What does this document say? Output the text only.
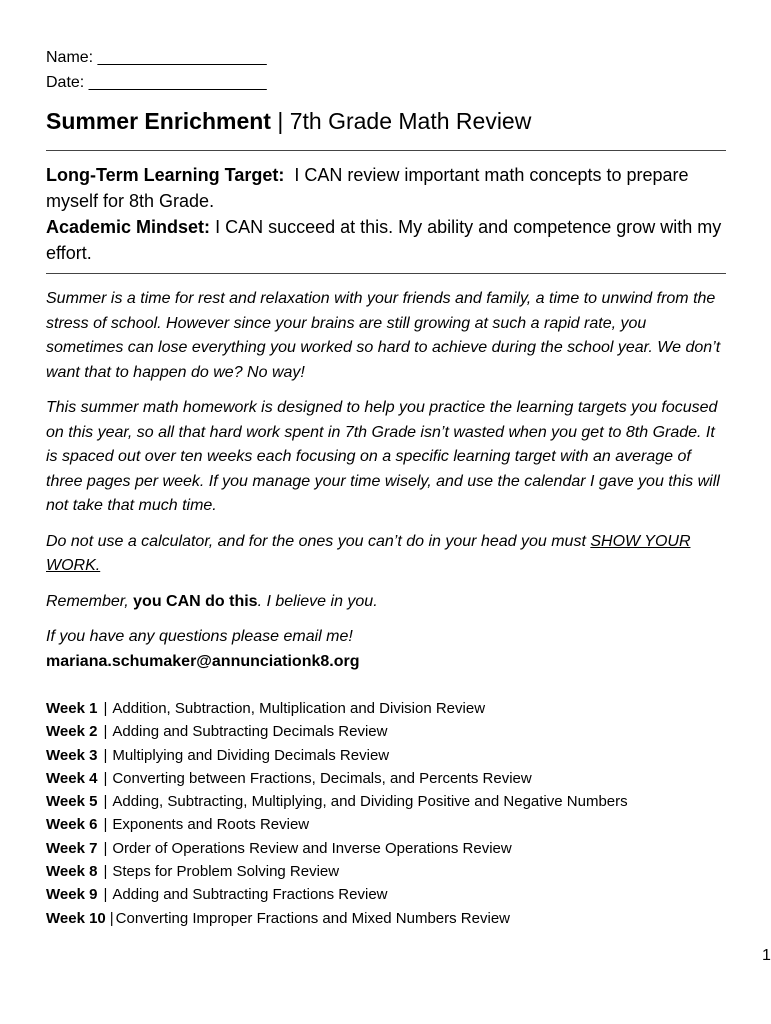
Name: ___________________
Date: ____________________
Summer Enrichment | 7th Grade Math Review

Long-Term Learning Target: I CAN review important math concepts to prepare myself for 8th Grade.

Academic Mindset: I CAN succeed at this. My ability and competence grow with my effort.

Summer is a time for rest and relaxation with your friends and family, a time to unwind from the stress of school. However since your brains are still growing at such a rapid rate, you sometimes can lose everything you worked so hard to achieve during the school year. We don’t want that to happen do we? No way!

This summer math homework is designed to help you practice the learning targets you focused on this year, so all that hard work spent in 7th Grade isn’t wasted when you get to 8th Grade. It is spaced out over ten weeks each focusing on a specific learning target with an average of three pages per week. If you manage your time wisely, and use the calendar I gave you this will not take that much time.

Do not use a calculator, and for the ones you can’t do in your head you must SHOW YOUR WORK.

Remember, you CAN do this. I believe in you.

If you have any questions please email me!
mariana.schumaker@annunciationk8.org

Week 1 | Addition, Subtraction, Multiplication and Division Review
Week 2 | Adding and Subtracting Decimals Review
Week 3 | Multiplying and Dividing Decimals Review
Week 4 | Converting between Fractions, Decimals, and Percents Review
Week 5 | Adding, Subtracting, Multiplying, and Dividing Positive and Negative Numbers
Week 6 | Exponents and Roots Review
Week 7 | Order of Operations Review and Inverse Operations Review
Week 8 | Steps for Problem Solving Review
Week 9 | Adding and Subtracting Fractions Review
Week 10 | Converting Improper Fractions and Mixed Numbers Review
1
